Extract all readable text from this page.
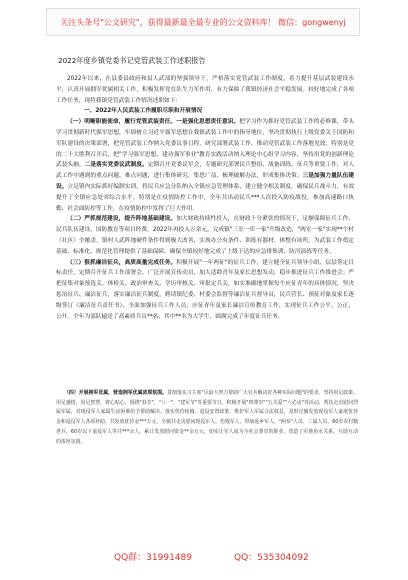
关注头条号"公文研究"，获得最新最全最专业的公文资料库！ 微信：gongwenyj
2022年度乡镇党委书记党管武装工作述职报告

2022年以来，在县委县政府和县人武部的坚强领导下，严格落实党管武装工作制度，着力提升基层武装建设水平，认真开展拥军优属相关工作，积极发挥党在队生力军作用，有力保障了我镇经济社会平稳发展。较好地完成了各项工作任务，现将我镇党管武装工作情况述职如下：

一、2022年人民武装工作履职尽职和开展情况

（一）明晰职能使命，履行党管武装责任。一是强化思想责任意识。把学习作为抓好党管武装工作的必修课，带头学习贯彻新时代强军思想，牢固树立习近平强军思想在我镇武装工作中的指导地位，坚决贯彻执行上级党委关于国防和军队建设的决策部署，把党管武装工作纳入党委议事日程，研究部署武装工作，推动党管武装工作落地见效，特别是党的二十大胜利召开后，把"学习强军思想、建功强军事业"教育实践活动纳入理论中心组学习内容，坚持用党的创新理论武装头脑。二是落实党委议武制度。定期召开党委议军会，专题研究部署民兵整组、战备训练、征兵等重要工作，对人武工作中遇到的重点问题、难点问题，进行集体研究，集思广益，梳理破解办法，形成集体决策；三是加强力量队伍建设。立足镇内实际抓好编制实训，将民兵应急分队纳入全镇应急管理体系，建立健全相关制度，确保民兵战斗力，有效提升了全镇应急处突综合水平。特别是在疫情防控工作中，全年共出动民兵***人次投入防疫战役，参加高速路口执勤、社会面防控等工作，在疫情防控中发挥了巨大作用。

（二）严抓规范建设，提升阵地基础建设。加大财政持续性投入，在财政十分紧张的情况下，足额保障征兵工作、民兵队伍建设、国防教育等项目经费。2022年再投入万余元，完成镇"三室一库一家"升级改造，"两室一家"实现**个村（社区）全覆盖，镇村人武阵地硬件条件得到极大改善，实现办公有条件、训练有器材、体整有场所，为武装工作奠定基础、标准化、规范化管理提供了基础保障。确保全镇较好地完成了上级下达的应急排集训、防汛演练等任务。

（三）狠抓廉洁征兵，高质高量完成任务。积极开展"一年两征"的征兵工作，建立健全征兵领导小组、层层签定目标责任，定期召开征兵工作部署会，广泛开展宣传动员，加大适龄青年及家长思想发动，稳步推进征兵工作推进会；严把征集对象预选关、体检关、政治审查关、学历审核关、审批定兵关，如实准确地掌握每个应征青年的具体情况，坚决惩治征兵、廉洁征兵，落实廉洁征兵制度，聘请镇纪委、村委会监督等廉洁征兵督导员，民兵营长、预征对象及家长逐级签订《廉洁征兵责任书》，全面加强征兵工作人员、应征青年及家长廉洁宣传教育工作，实现征兵工作公平、公正、公开。全年为部队输送了高素质兵员**名，其中**名为大学生，圆满完成了年度征兵任务。

（四）开展拥军优属，营造拥军优属浓厚氛围。贯彻落实习主席"尽最大努力帮助广大官兵解决好各种实际问题"的要求，坚持用足政策、用足感情、用足智慧，将心贴心、围绕"春节"、"八一"、"建军节"等重要节日，积极开展"四尊崇""五关爱""六必访"等活动，帮扶走访慰问烈属军属，对现役军人家属生活困难给予帮助解决。落实优待抚恤、退役安置政策，维护军人军属合法权益，及时足额发放现役军人家庭优待金和退役军人各项补助，共发放优待金***万元，全镇共走访慰问现役军人、伤残军人、带病返乡军人、"两参"人员、三属人员、60岁农村籍老兵、60岁以下退役军人等共***余人，累计发放慰问资金**余万元，切实让军人成为全社会尊崇的职业，营造了军地鱼水关系、互助互动的浓厚氛围。

QQ群：31991489	QQ：535304092
